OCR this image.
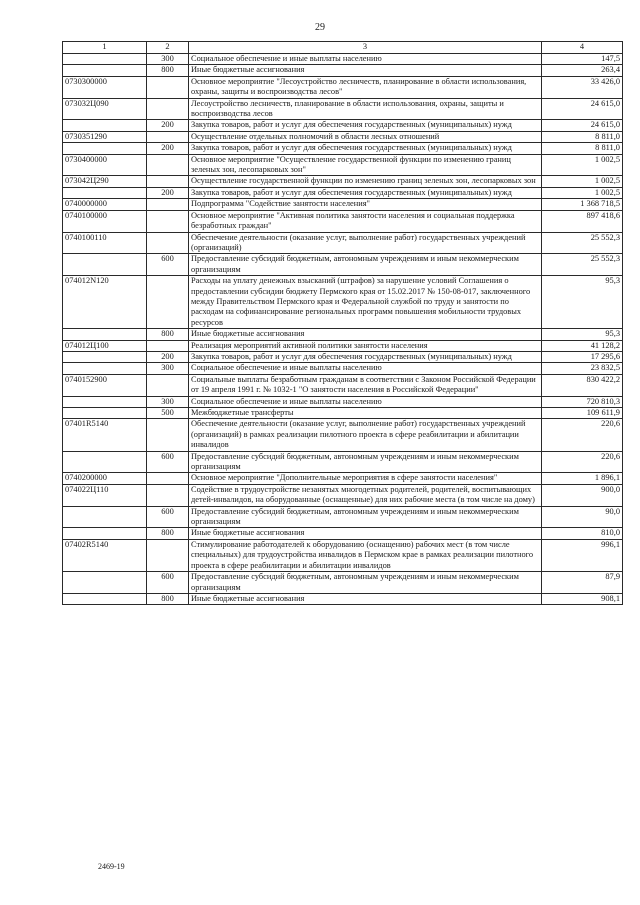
29
1	2	3	4
	300	Социальное обеспечение и иные выплаты населению	147,5
	800	Иные бюджетные ассигнования	263,4
0730300000		Основное мероприятие "Лесоустройство лесничеств, планирование в области использования, охраны, защиты и воспроизводства лесов"	33 426,0
073032Ц090		Лесоустройство лесничеств, планирование в области использования, охраны, защиты и воспроизводства лесов	24 615,0
	200	Закупка товаров, работ и услуг для обеспечения государственных (муниципальных) нужд	24 615,0
0730351290		Осуществление отдельных полномочий в области лесных отношений	8 811,0
	200	Закупка товаров, работ и услуг для обеспечения государственных (муниципальных) нужд	8 811,0
0730400000		Основное мероприятие "Осуществление государственной функции по изменению границ зеленых зон, лесопарковых зон"	1 002,5
073042Ц290		Осуществление государственной функции по изменению границ зеленых зон, лесопарковых зон	1 002,5
	200	Закупка товаров, работ и услуг для обеспечения государственных (муниципальных) нужд	1 002,5
0740000000		Подпрограмма "Содействие занятости населения"	1 368 718,5
0740100000		Основное мероприятие "Активная политика занятости населения и социальная поддержка безработных граждан"	897 418,6
0740100110		Обеспечение деятельности (оказание услуг, выполнение работ) государственных учреждений (организаций)	25 552,3
	600	Предоставление субсидий бюджетным, автономным учреждениям и иным некоммерческим организациям	25 552,3
074012N120		Расходы на уплату денежных взысканий (штрафов) за нарушение условий Соглашения о предоставлении субсидии бюджету Пермского края от 15.02.2017 № 150-08-017, заключенного между Правительством Пермского края и Федеральной службой по труду и занятости по расходам на софинансирование региональных программ повышения мобильности трудовых ресурсов	95,3
	800	Иные бюджетные ассигнования	95,3
074012Ц100		Реализация мероприятий активной политики занятости населения	41 128,2
	200	Закупка товаров, работ и услуг для обеспечения государственных (муниципальных) нужд	17 295,6
	300	Социальное обеспечение и иные выплаты населению	23 832,5
0740152900		Социальные выплаты безработным гражданам в соответствии с Законом Российской Федерации от 19 апреля 1991 г. № 1032-1 "О занятости населения в Российской Федерации"	830 422,2
	300	Социальное обеспечение и иные выплаты населению	720 810,3
	500	Межбюджетные трансферты	109 611,9
07401R5140		Обеспечение деятельности (оказание услуг, выполнение работ) государственных учреждений (организаций) в рамках реализации пилотного проекта в сфере реабилитации и абилитации инвалидов	220,6
	600	Предоставление субсидий бюджетным, автономным учреждениям и иным некоммерческим организациям	220,6
0740200000		Основное мероприятие "Дополнительные мероприятия в сфере занятости населения"	1 896,1
074022Ц110		Содействие в трудоустройстве незанятых многодетных родителей, родителей, воспитывающих детей-инвалидов, на оборудованные (оснащенные) для них рабочие места (в том числе на дому)	900,0
	600	Предоставление субсидий бюджетным, автономным учреждениям и иным некоммерческим организациям	90,0
	800	Иные бюджетные ассигнования	810,0
07402R5140		Стимулирование работодателей к оборудованию (оснащению) рабочих мест (в том числе специальных) для трудоустройства инвалидов в Пермском крае в рамках реализации пилотного проекта в сфере реабилитации и абилитации инвалидов	996,1
	600	Предоставление субсидий бюджетным, автономным учреждениям и иным некоммерческим организациям	87,9
	800	Иные бюджетные ассигнования	908,1
2469-19
